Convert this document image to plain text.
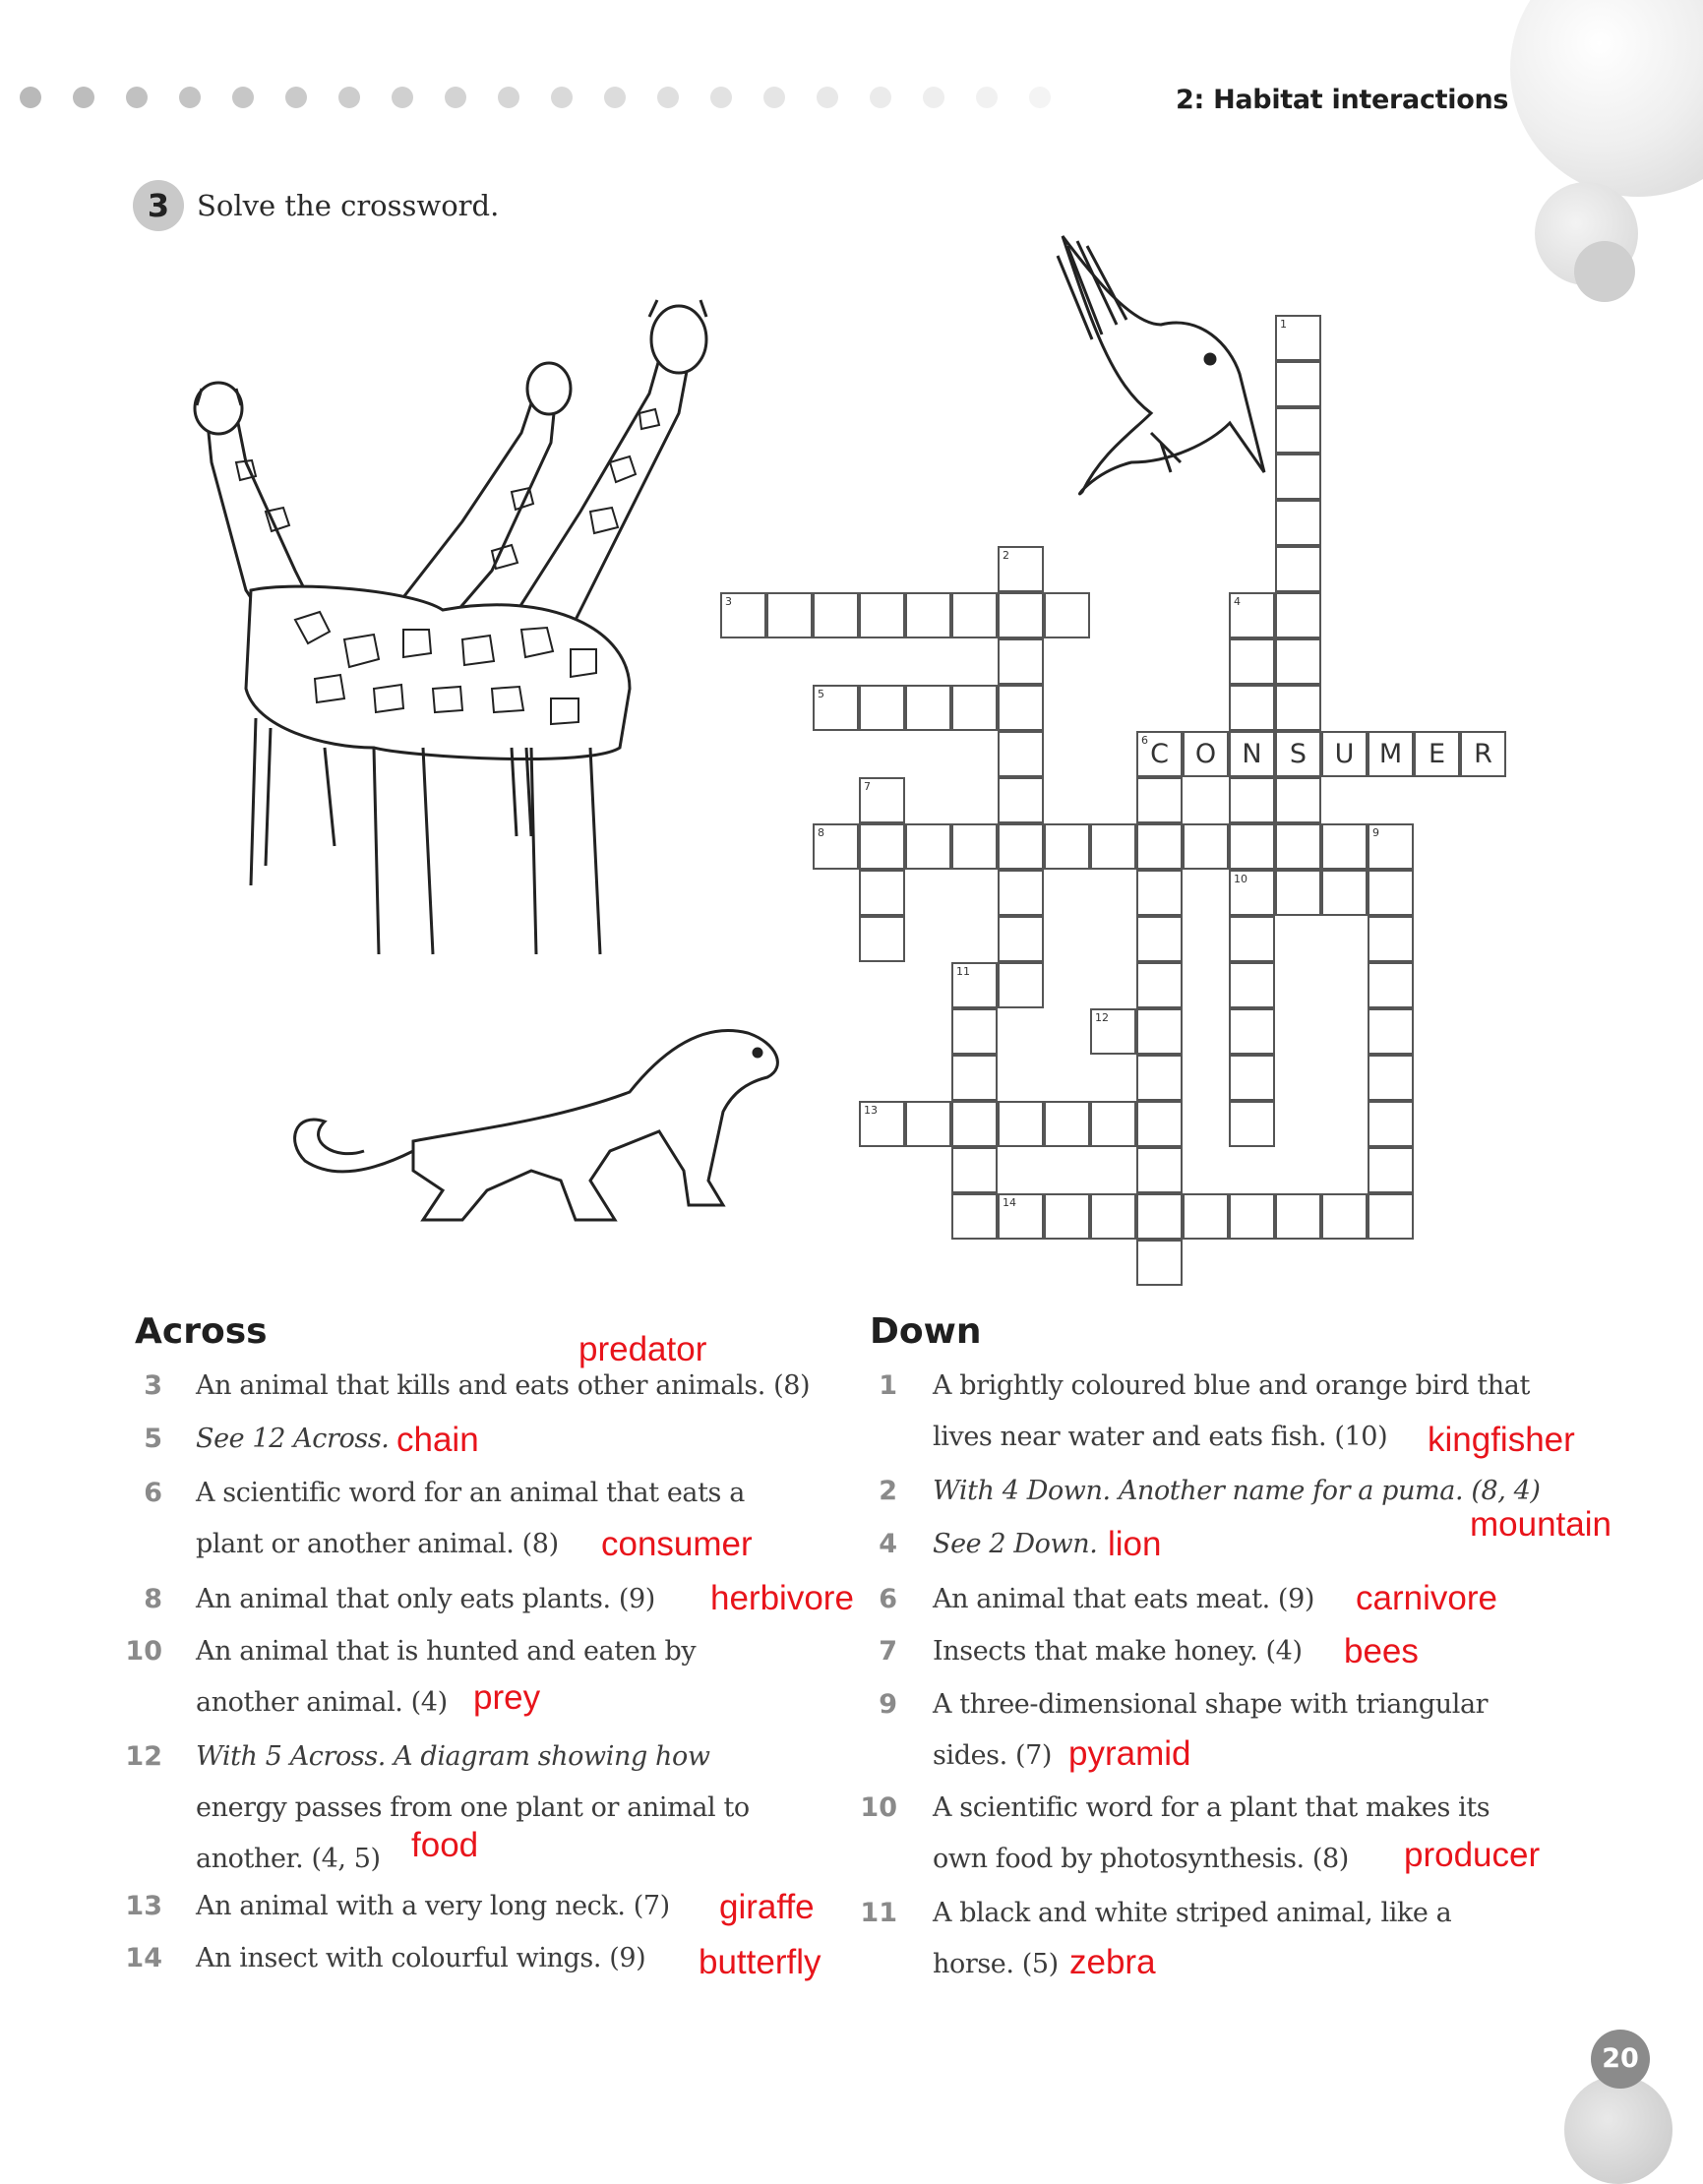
2: Habitat interactions
3 Solve the crossword.
3
5
6 C O N	S	U M E	R
8	9
10
12
13
14
2
1
4
7
11
Across	Down
3 An animal that kills and eats other animals. (8)
predator
5 See 12 Across. chain
6 A scientific word for an animal that eats a
plant or another animal. (8) consumer
8 An animal that only eats plants. (9) herbivore
10 An animal that is hunted and eaten by
another animal. (4) prey
12 With 5 Across. A diagram showing how
energy passes from one plant or animal to
another. (4, 5) food
13 An animal with a very long neck. (7) giraffe
14 An insect with colourful wings. (9) butterfly
1 A brightly coloured blue and orange bird that
lives near water and eats fish. (10) kingfisher
2 With 4 Down. Another name for a puma. (8, 4)
mountain
4 See 2 Down. lion
6 An animal that eats meat. (9) carnivore
7 Insects that make honey. (4) bees
9 A three-dimensional shape with triangular
sides. (7) pyramid
10 A scientific word for a plant that makes its
own food by photosynthesis. (8) producer
11 A black and white striped animal, like a
horse. (5) zebra
20
